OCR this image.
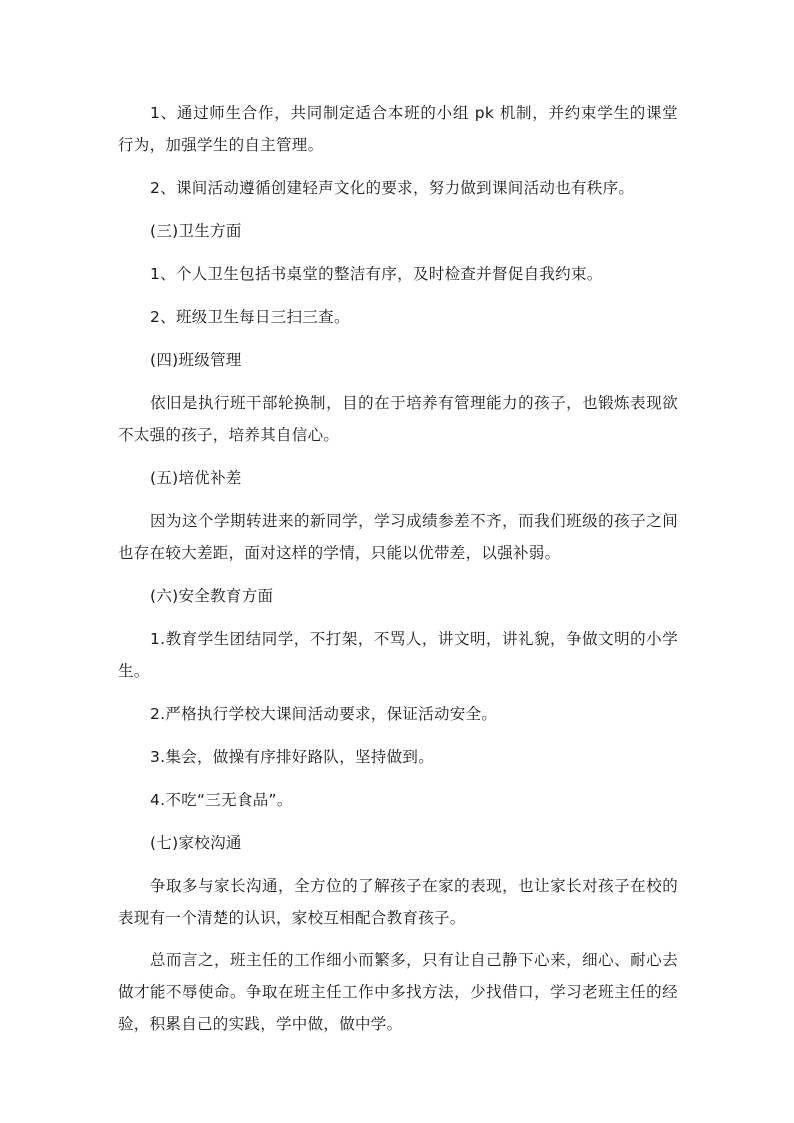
1、通过师生合作，共同制定适合本班的小组 pk 机制，并约束学生的课堂行为，加强学生的自主管理。

2、课间活动遵循创建轻声文化的要求，努力做到课间活动也有秩序。

(三)卫生方面

1、个人卫生包括书桌堂的整洁有序，及时检查并督促自我约束。

2、班级卫生每日三扫三查。

(四)班级管理

依旧是执行班干部轮换制，目的在于培养有管理能力的孩子，也锻炼表现欲不太强的孩子，培养其自信心。

(五)培优补差

因为这个学期转进来的新同学，学习成绩参差不齐，而我们班级的孩子之间也存在较大差距，面对这样的学情，只能以优带差，以强补弱。

(六)安全教育方面

1.教育学生团结同学，不打架，不骂人，讲文明，讲礼貌，争做文明的小学生。

2.严格执行学校大课间活动要求，保证活动安全。

3.集会，做操有序排好路队，坚持做到。

4.不吃“三无食品”。

(七)家校沟通

争取多与家长沟通，全方位的了解孩子在家的表现，也让家长对孩子在校的表现有一个清楚的认识，家校互相配合教育孩子。

总而言之，班主任的工作细小而繁多，只有让自己静下心来，细心、耐心去做才能不辱使命。争取在班主任工作中多找方法，少找借口，学习老班主任的经验，积累自己的实践，学中做，做中学。
